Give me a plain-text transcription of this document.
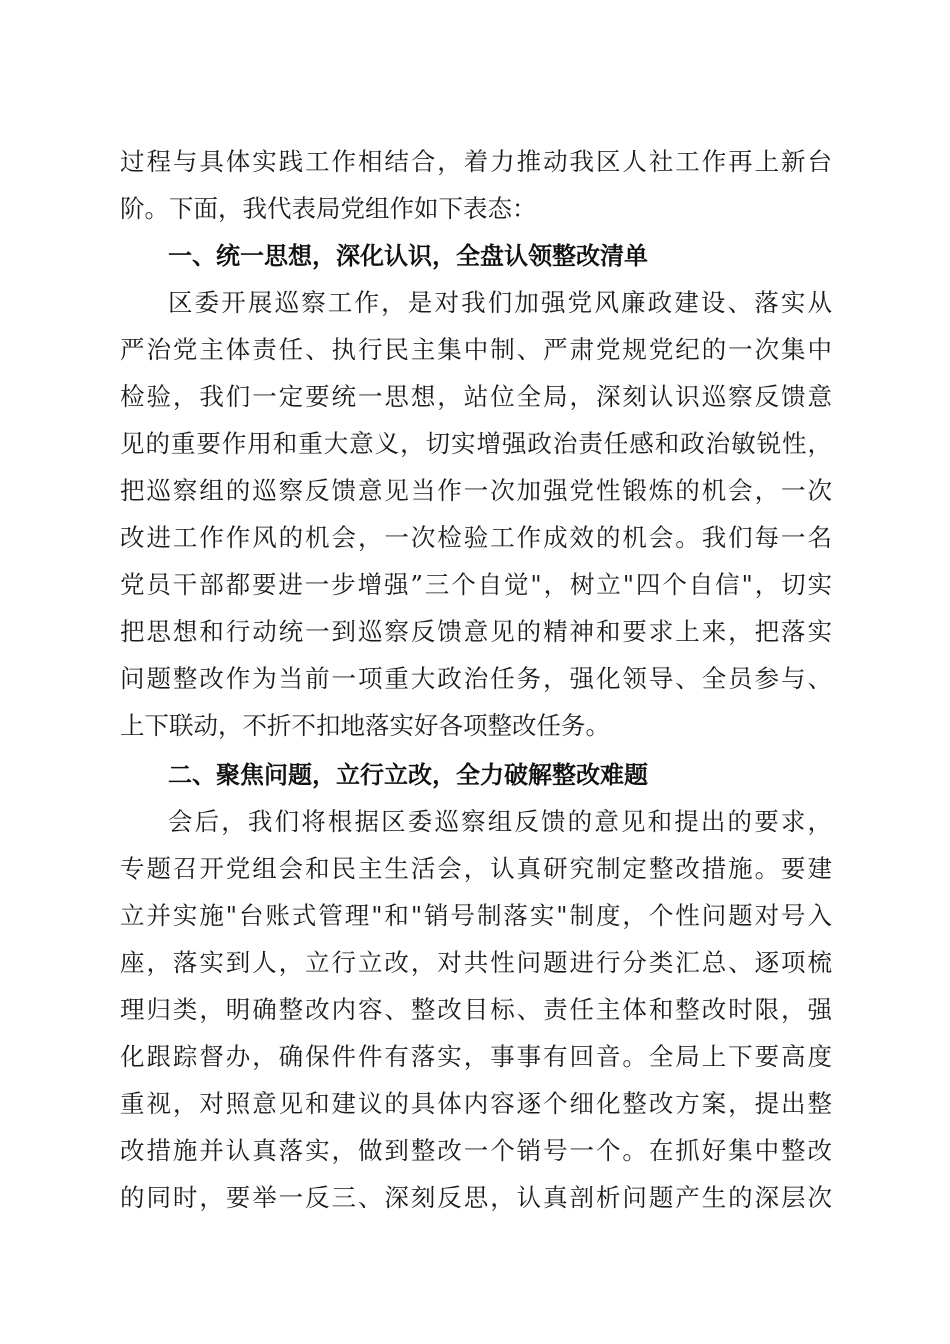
过程与具体实践工作相结合，着力推动我区人社工作再上新台
阶。下面，我代表局党组作如下表态：
一、统一思想，深化认识，全盘认领整改清单
区委开展巡察工作，是对我们加强党风廉政建设、落实从
严治党主体责任、执行民主集中制、严肃党规党纪的一次集中
检验，我们一定要统一思想，站位全局，深刻认识巡察反馈意
见的重要作用和重大意义，切实增强政治责任感和政治敏锐性，
把巡察组的巡察反馈意见当作一次加强党性锻炼的机会，一次
改进工作作风的机会，一次检验工作成效的机会。我们每一名
党员干部都要进一步增强”三个自觉"，树立"四个自信"，切实
把思想和行动统一到巡察反馈意见的精神和要求上来，把落实
问题整改作为当前一项重大政治任务，强化领导、全员参与、
上下联动，不折不扣地落实好各项整改任务。
二、聚焦问题，立行立改，全力破解整改难题
会后，我们将根据区委巡察组反馈的意见和提出的要求，
专题召开党组会和民主生活会，认真研究制定整改措施。要建
立并实施"台账式管理"和"销号制落实"制度，个性问题对号入
座，落实到人，立行立改，对共性问题进行分类汇总、逐项梳
理归类，明确整改内容、整改目标、责任主体和整改时限，强
化跟踪督办，确保件件有落实，事事有回音。全局上下要高度
重视，对照意见和建议的具体内容逐个细化整改方案，提出整
改措施并认真落实，做到整改一个销号一个。在抓好集中整改
的同时，要举一反三、深刻反思，认真剖析问题产生的深层次
